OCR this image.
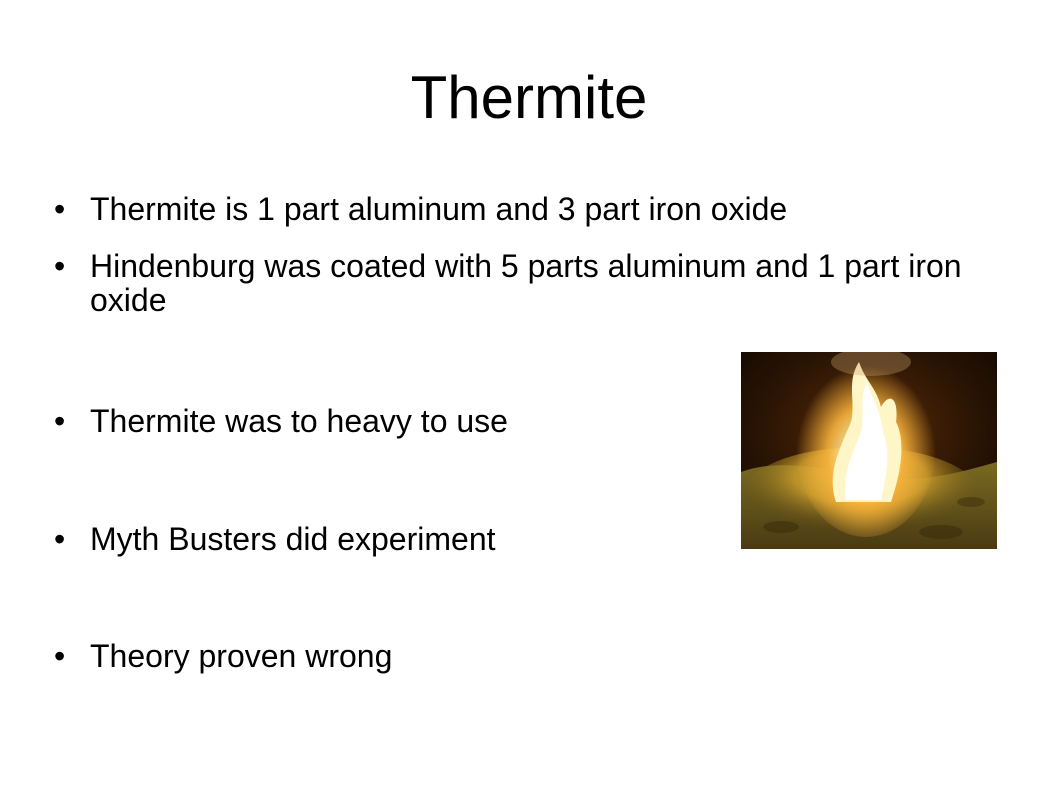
Thermite
• Thermite is 1 part aluminum and 3 part iron oxide
• Hindenburg was coated with 5 parts aluminum and 1 part iron oxide
• Thermite was to heavy to use
• Myth Busters did experiment
• Theory proven wrong
